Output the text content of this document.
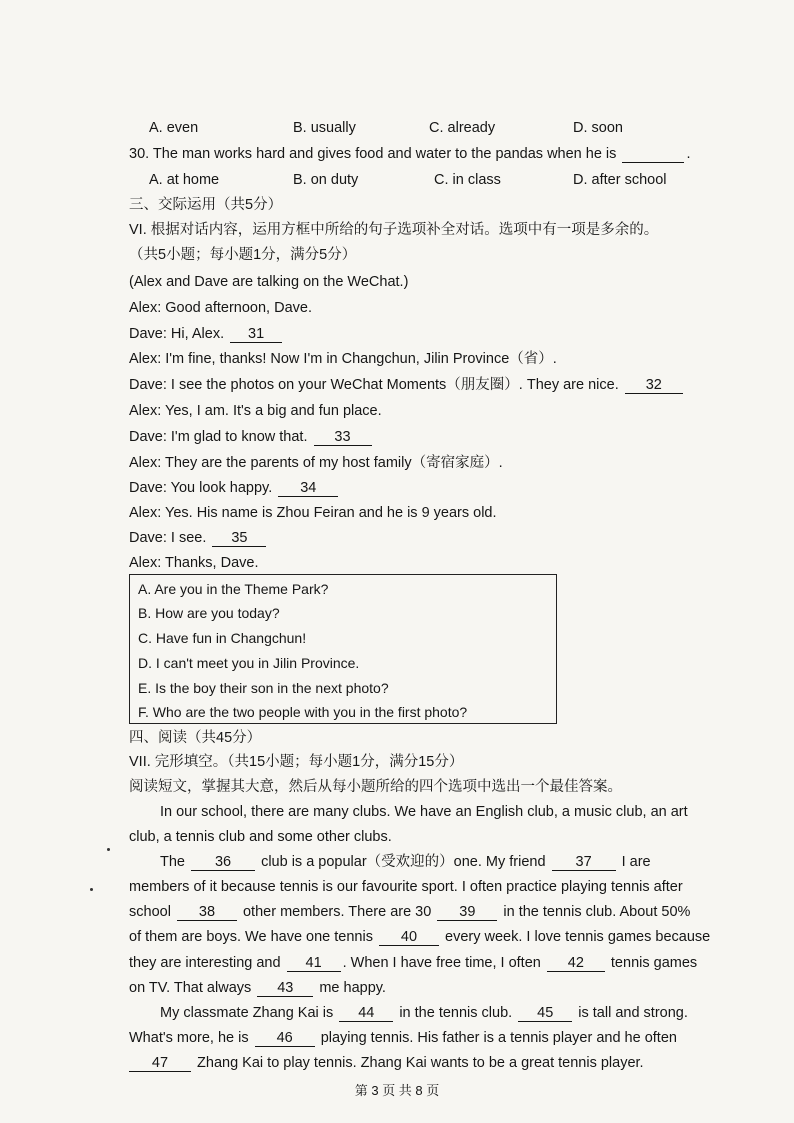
A. even	B. usually	C. already	D. soon
30. The man works hard and gives food and water to the pandas when he is	.
A. at home	B. on duty	C. in class	D. after school
三、交际运用（共5分）
VI. 根据对话内容，运用方框中所给的句子选项补全对话。选项中有一项是多余的。
（共5小题；每小题1分，满分5分）
(Alex and Dave are talking on the WeChat.)
Alex: Good afternoon, Dave.
Dave: Hi, Alex. 31
Alex: I'm fine, thanks! Now I'm in Changchun, Jilin Province（省）.
Dave: I see the photos on your WeChat Moments（朋友圈）. They are nice. 32
Alex: Yes, I am. It's a big and fun place.
Dave: I'm glad to know that. 33
Alex: They are the parents of my host family（寄宿家庭）.
Dave: You look happy. 34
Alex: Yes. His name is Zhou Feiran and he is 9 years old.
Dave: I see. 35
Alex: Thanks, Dave.
A. Are you in the Theme Park?
B. How are you today?
C. Have fun in Changchun!
D. I can't meet you in Jilin Province.
E. Is the boy their son in the next photo?
F. Who are the two people with you in the first photo?
四、阅读（共45分）
VII. 完形填空。（共15小题；每小题1分，满分15分）
阅读短文，掌握其大意，然后从每小题所给的四个选项中选出一个最佳答案。
In our school, there are many clubs. We have an English club, a music club, an art
club, a tennis club and some other clubs.
The 36 club is a popular（受欢迎的）one. My friend 37 I are
members of it because tennis is our favourite sport. I often practice playing tennis after
school 38 other members. There are 30 39 in the tennis club. About 50%
of them are boys. We have one tennis 40 every week. I love tennis games because
they are interesting and 41 . When I have free time, I often 42 tennis games
on TV. That always 43 me happy.
My classmate Zhang Kai is 44 in the tennis club. 45 is tall and strong.
What's more, he is 46 playing tennis. His father is a tennis player and he often
47 Zhang Kai to play tennis. Zhang Kai wants to be a great tennis player.
第 3 页 共 8 页
